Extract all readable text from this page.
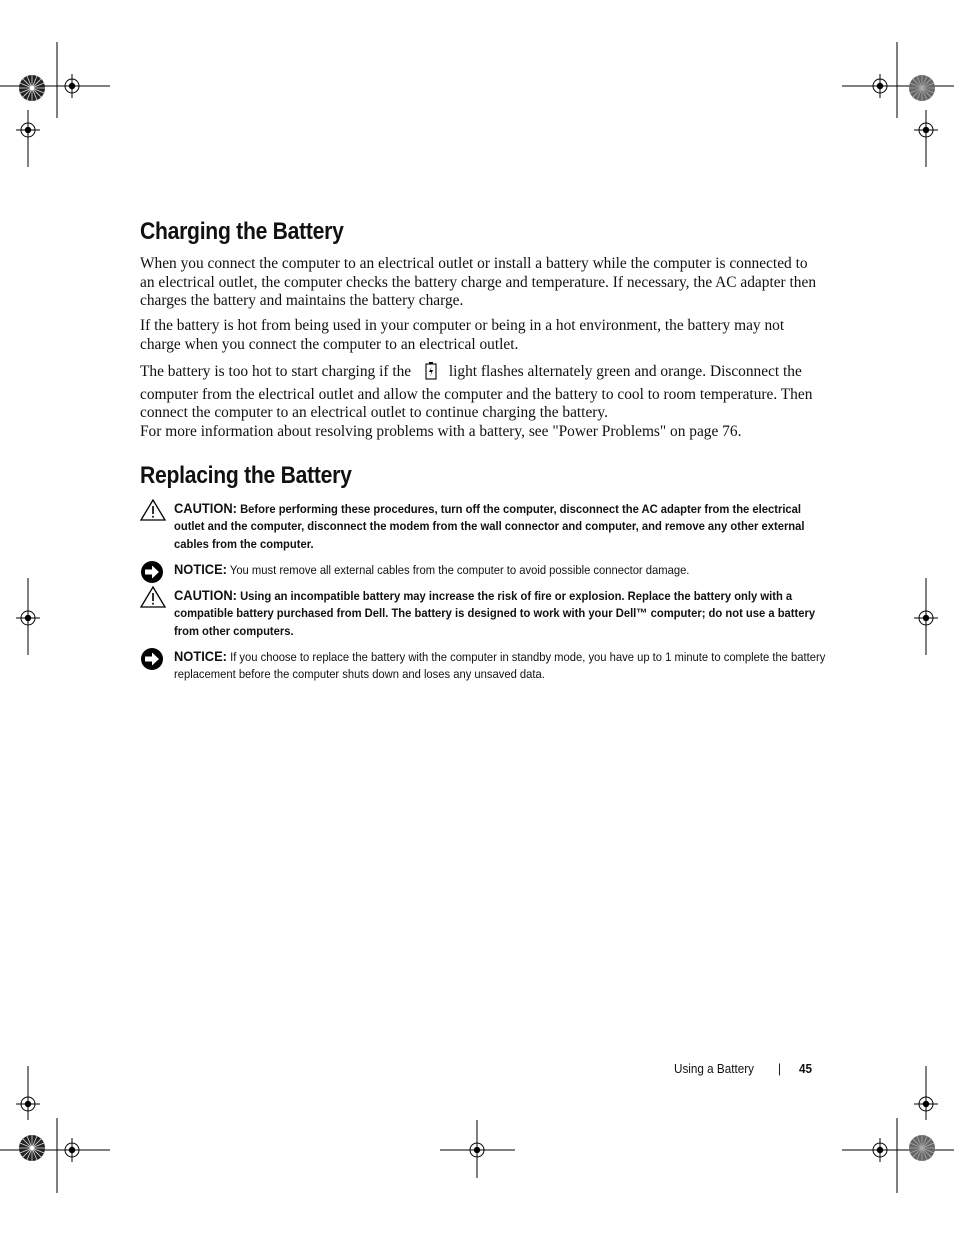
Charging the Battery

When you connect the computer to an electrical outlet or install a battery while the computer is connected to an electrical outlet, the computer checks the battery charge and temperature. If necessary, the AC adapter then charges the battery and maintains the battery charge.

If the battery is hot from being used in your computer or being in a hot environment, the battery may not charge when you connect the computer to an electrical outlet.

The battery is too hot to start charging if the light flashes alternately green and orange. Disconnect the computer from the electrical outlet and allow the computer and the battery to cool to room temperature. Then connect the computer to an electrical outlet to continue charging the battery.

For more information about resolving problems with a battery, see "Power Problems" on page 76.

Replacing the Battery
CAUTION: Before performing these procedures, turn off the computer, disconnect the AC adapter from the electrical outlet and the computer, disconnect the modem from the wall connector and computer, and remove any other external cables from the computer.
NOTICE: You must remove all external cables from the computer to avoid possible connector damage.
CAUTION: Using an incompatible battery may increase the risk of fire or explosion. Replace the battery only with a compatible battery purchased from Dell. The battery is designed to work with your Dell™ computer; do not use a battery from other computers.
NOTICE: If you choose to replace the battery with the computer in standby mode, you have up to 1 minute to complete the battery replacement before the computer shuts down and loses any unsaved data.
Using a Battery | 45
